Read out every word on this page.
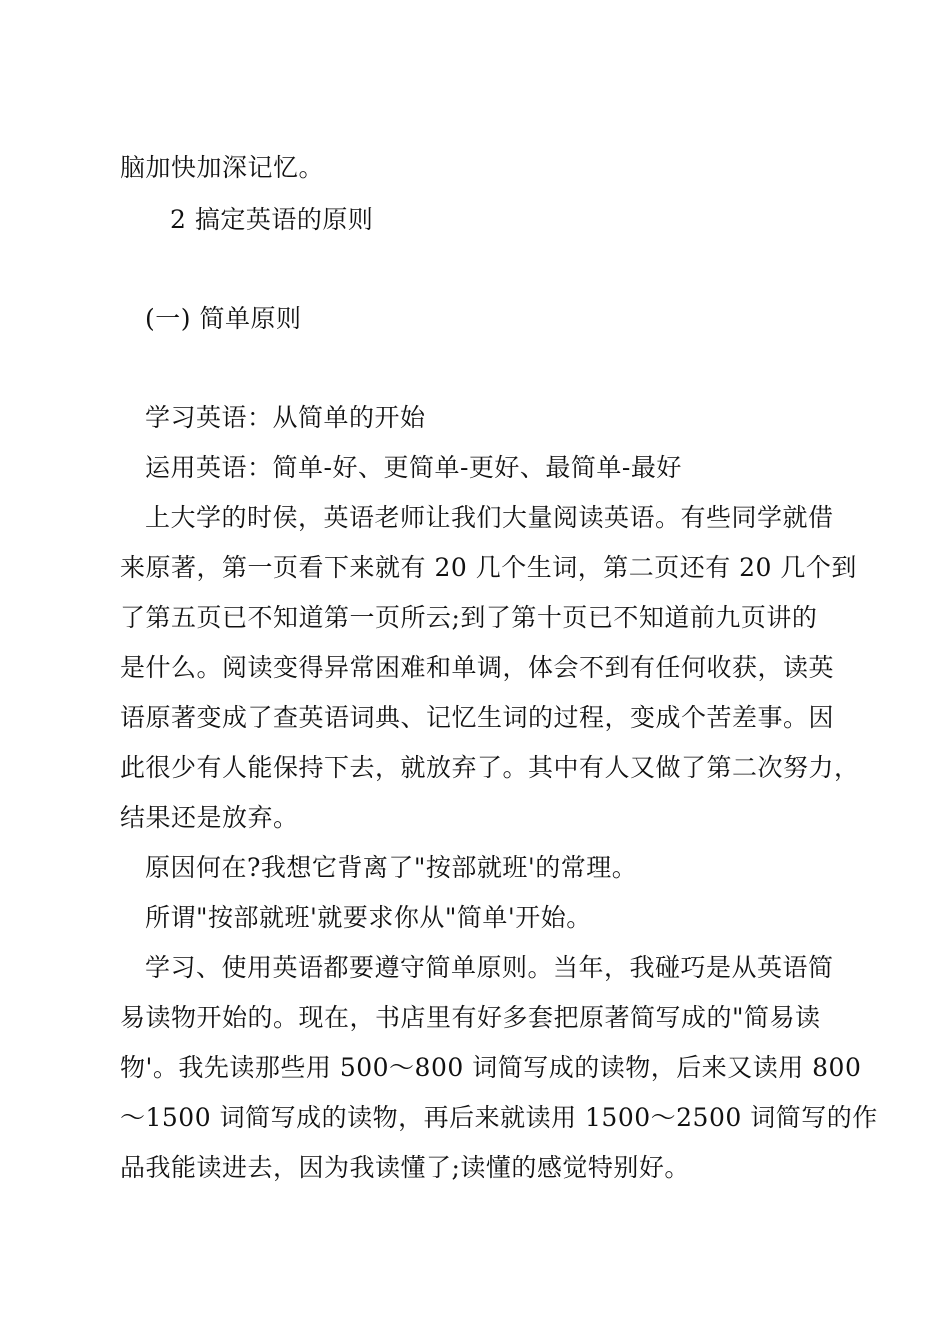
脑加快加深记忆。

2 搞定英语的原则

(一) 简单原则

学习英语：从简单的开始

运用英语：简单-好、更简单-更好、最简单-最好

上大学的时侯，英语老师让我们大量阅读英语。有些同学就借

来原著，第一页看下来就有 20 几个生词，第二页还有 20 几个到

了第五页已不知道第一页所云;到了第十页已不知道前九页讲的

是什么。阅读变得异常困难和单调，体会不到有任何收获，读英

语原著变成了查英语词典、记忆生词的过程，变成个苦差事。因

此很少有人能保持下去，就放弃了。其中有人又做了第二次努力，

结果还是放弃。

原因何在?我想它背离了"按部就班'的常理。

所谓"按部就班'就要求你从"简单'开始。

学习、使用英语都要遵守简单原则。当年，我碰巧是从英语简

易读物开始的。现在，书店里有好多套把原著简写成的"简易读

物'。我先读那些用 500～800 词简写成的读物，后来又读用 800

～1500 词简写成的读物，再后来就读用 1500～2500 词简写的作

品我能读进去，因为我读懂了;读懂的感觉特别好。
